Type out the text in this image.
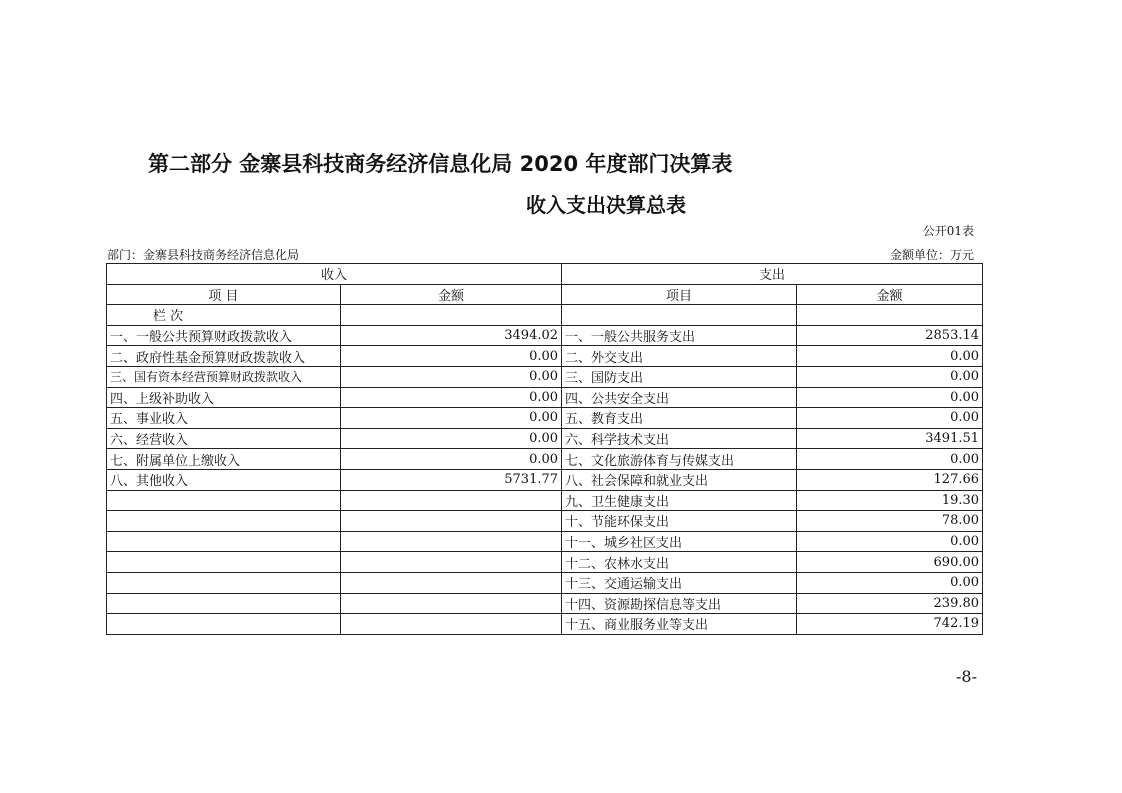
第二部分 金寨县科技商务经济信息化局 2020 年度部门决算表
收入支出决算总表
公开01表
部门：金寨县科技商务经济信息化局	金额单位：万元
收入		支出	
项 目	金额	项目	金额
栏 次			
一、一般公共预算财政拨款收入	3494.02	一、一般公共服务支出	2853.14
二、政府性基金预算财政拨款收入	0.00	二、外交支出	0.00
三、国有资本经营预算财政拨款收入	0.00	三、国防支出	0.00
四、上级补助收入	0.00	四、公共安全支出	0.00
五、事业收入	0.00	五、教育支出	0.00
六、经营收入	0.00	六、科学技术支出	3491.51
七、附属单位上缴收入	0.00	七、文化旅游体育与传媒支出	0.00
八、其他收入	5731.77	八、社会保障和就业支出	127.66
		九、卫生健康支出	19.30
		十、节能环保支出	78.00
		十一、城乡社区支出	0.00
		十二、农林水支出	690.00
		十三、交通运输支出	0.00
		十四、资源勘探信息等支出	239.80
		十五、商业服务业等支出	742.19
-8-
